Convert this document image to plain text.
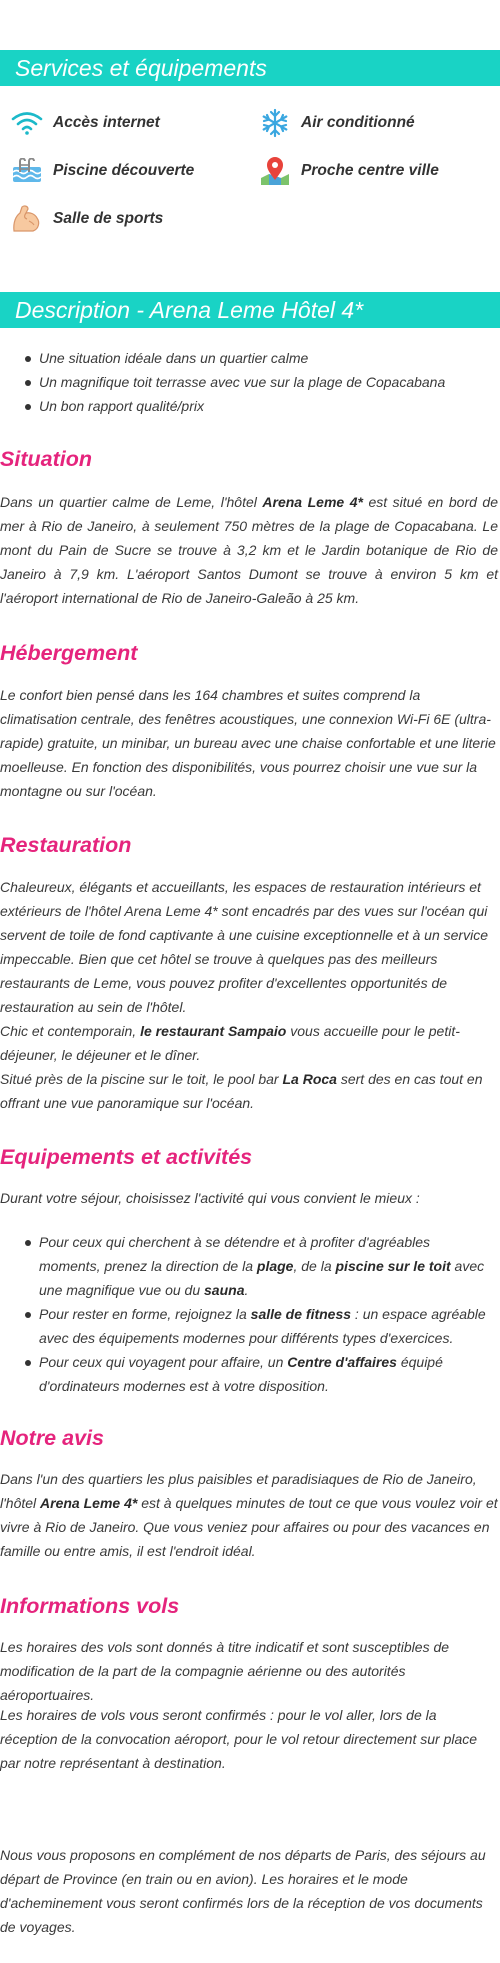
Services et équipements
Accès internet	Air conditionné
Piscine découverte	Proche centre ville
Salle de sports
Description - Arena Leme Hôtel 4*
Une situation idéale dans un quartier calme
Un magnifique toit terrasse avec vue sur la plage de Copacabana
Un bon rapport qualité/prix
Situation

Dans un quartier calme de Leme, l'hôtel Arena Leme 4* est situé en bord de mer à Rio de Janeiro, à seulement 750 mètres de la plage de Copacabana. Le mont du Pain de Sucre se trouve à 3,2 km et le Jardin botanique de Rio de Janeiro à 7,9 km. L'aéroport Santos Dumont se trouve à environ 5 km et l'aéroport international de Rio de Janeiro-Galeão à 25 km.

Hébergement

Le confort bien pensé dans les 164 chambres et suites comprend la climatisation centrale, des fenêtres acoustiques, une connexion Wi-Fi 6E (ultra-rapide) gratuite, un minibar, un bureau avec une chaise confortable et une literie moelleuse. En fonction des disponibilités, vous pourrez choisir une vue sur la montagne ou sur l'océan.

Restauration
Chaleureux, élégants et accueillants, les espaces de restauration intérieurs et extérieurs de l'hôtel Arena Leme 4* sont encadrés par des vues sur l'océan qui servent de toile de fond captivante à une cuisine exceptionnelle et à un service impeccable. Bien que cet hôtel se trouve à quelques pas des meilleurs restaurants de Leme, vous pouvez profiter d'excellentes opportunités de restauration au sein de l'hôtel.
Chic et contemporain, le restaurant Sampaio vous accueille pour le petit-déjeuner, le déjeuner et le dîner.
Situé près de la piscine sur le toit, le pool bar La Roca sert des en cas tout en offrant une vue panoramique sur l'océan.
Equipements et activités

Durant votre séjour, choisissez l'activité qui vous convient le mieux :

Pour ceux qui cherchent à se détendre et à profiter d'agréables moments, prenez la direction de la plage, de la piscine sur le toit avec une magnifique vue ou du sauna.
Pour rester en forme, rejoignez la salle de fitness : un espace agréable avec des équipements modernes pour différents types d'exercices.
Pour ceux qui voyagent pour affaire, un Centre d'affaires équipé d'ordinateurs modernes est à votre disposition.
Notre avis

Dans l'un des quartiers les plus paisibles et paradisiaques de Rio de Janeiro, l'hôtel Arena Leme 4* est à quelques minutes de tout ce que vous voulez voir et vivre à Rio de Janeiro. Que vous veniez pour affaires ou pour des vacances en famille ou entre amis, il est l'endroit idéal.

Informations vols

Les horaires des vols sont donnés à titre indicatif et sont susceptibles de modification de la part de la compagnie aérienne ou des autorités aéroportuaires.

Les horaires de vols vous seront confirmés : pour le vol aller, lors de la réception de la convocation aéroport, pour le vol retour directement sur place par notre représentant à destination.

Nous vous proposons en complément de nos départs de Paris, des séjours au départ de Province (en train ou en avion). Les horaires et le mode d'acheminement vous seront confirmés lors de la réception de vos documents de voyages.
